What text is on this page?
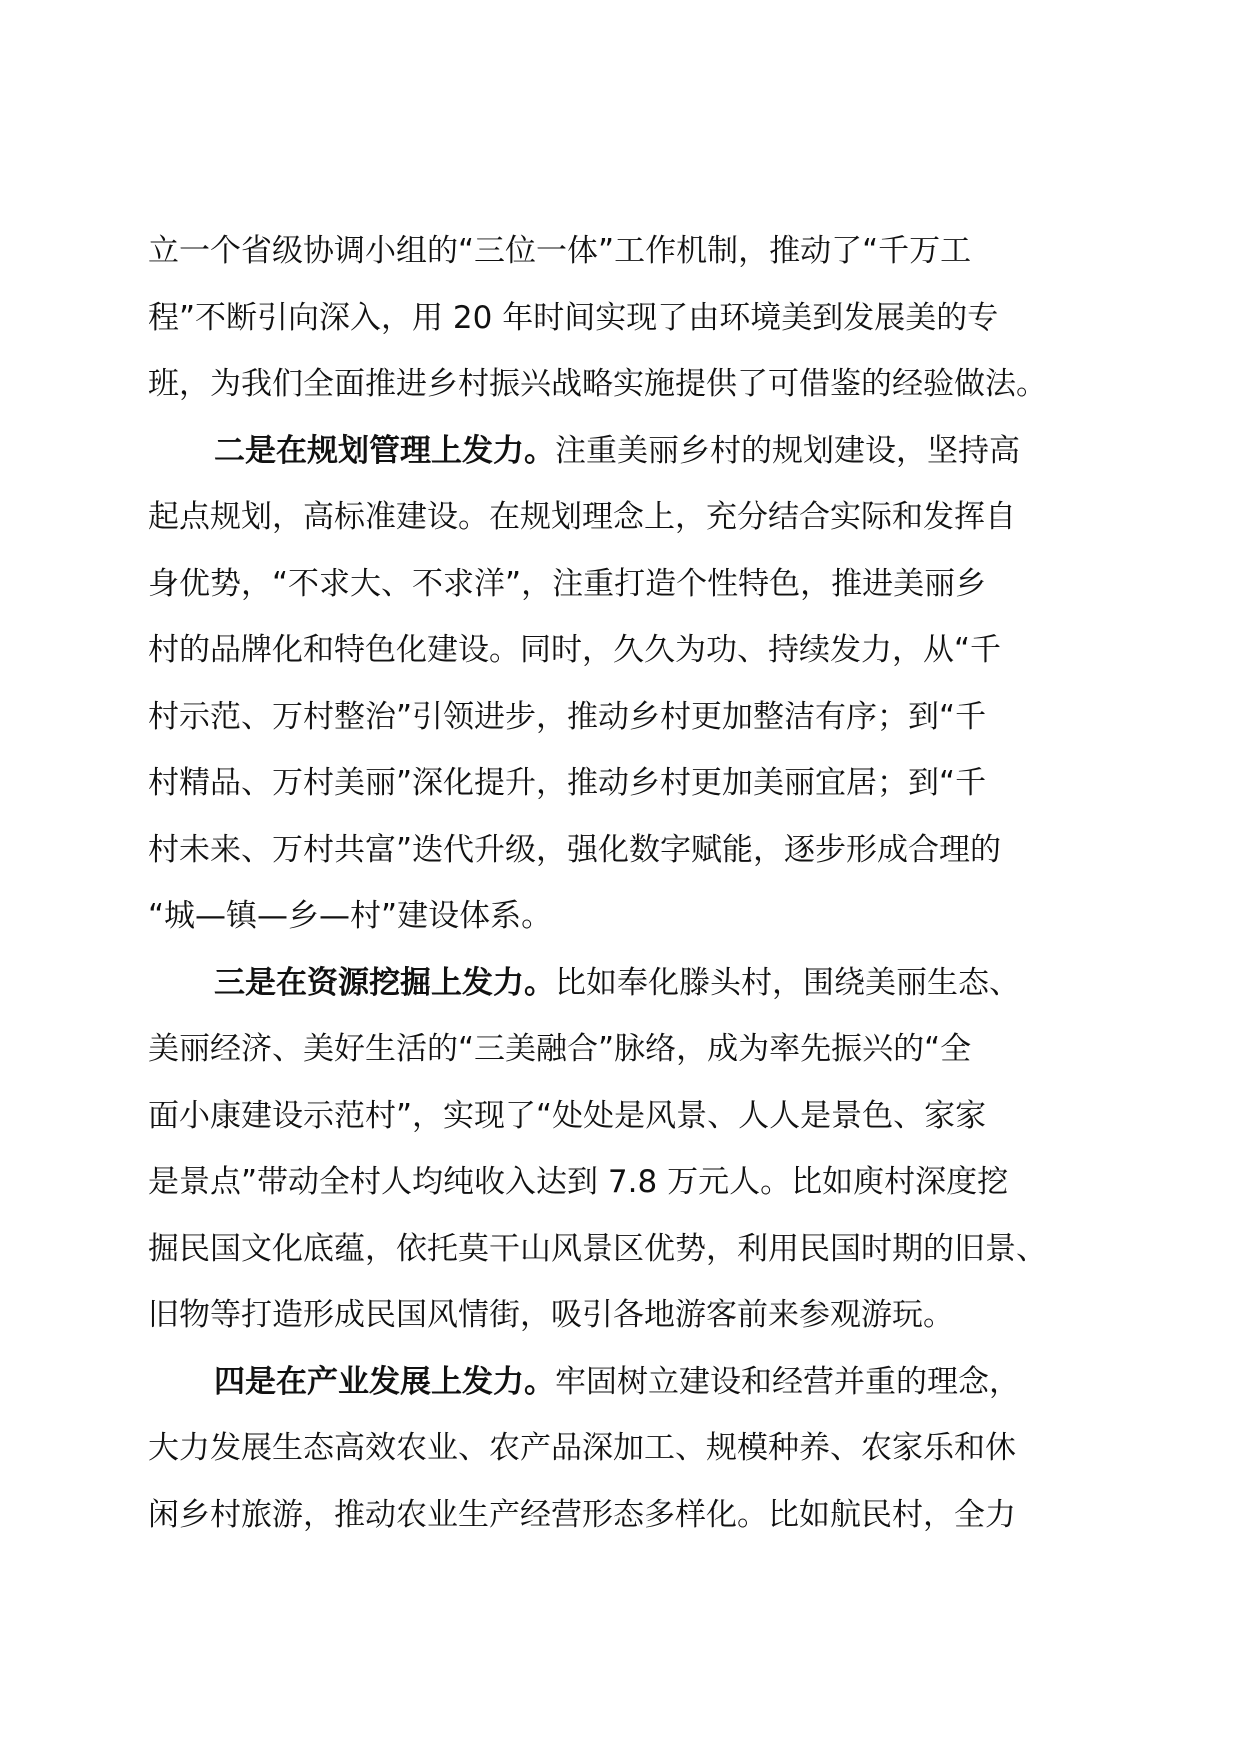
立一个省级协调小组的“三位一体”工作机制，推动了“千万工
程”不断引向深入，用 20 年时间实现了由环境美到发展美的专
班，为我们全面推进乡村振兴战略实施提供了可借鉴的经验做法。
二是在规划管理上发力。注重美丽乡村的规划建设，坚持高
起点规划，高标准建设。在规划理念上，充分结合实际和发挥自
身优势，“不求大、不求洋”，注重打造个性特色，推进美丽乡
村的品牌化和特色化建设。同时，久久为功、持续发力，从“千
村示范、万村整治”引领进步，推动乡村更加整洁有序；到“千
村精品、万村美丽”深化提升，推动乡村更加美丽宜居；到“千
村未来、万村共富”迭代升级，强化数字赋能，逐步形成合理的
“城—镇—乡—村”建设体系。
三是在资源挖掘上发力。比如奉化滕头村，围绕美丽生态、
美丽经济、美好生活的“三美融合”脉络，成为率先振兴的“全
面小康建设示范村”，实现了“处处是风景、人人是景色、家家
是景点”带动全村人均纯收入达到 7.8 万元人。比如庾村深度挖
掘民国文化底蕴，依托莫干山风景区优势，利用民国时期的旧景、
旧物等打造形成民国风情街，吸引各地游客前来参观游玩。
四是在产业发展上发力。牢固树立建设和经营并重的理念，
大力发展生态高效农业、农产品深加工、规模种养、农家乐和休
闲乡村旅游，推动农业生产经营形态多样化。比如航民村，全力
